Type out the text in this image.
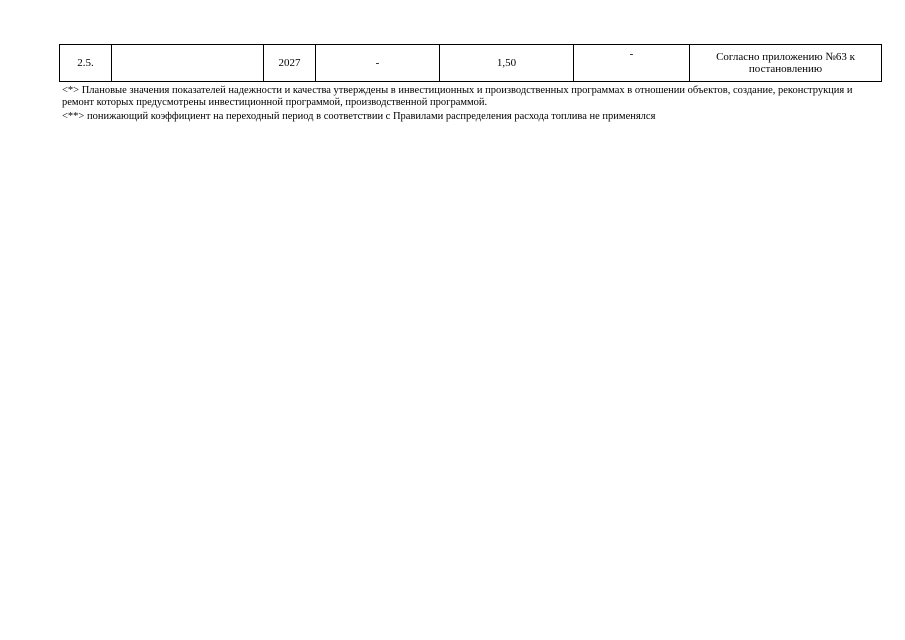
2.5.		2027	-	1,50	-	Согласно приложению №63 к постановлению

<*> Плановые значения показателей надежности и качества утверждены в инвестиционных и производственных программах в отношении объектов, создание, реконструкция и ремонт которых предусмотрены инвестиционной программой, производственной программой.

<**> понижающий коэффициент на переходный период в соответствии с Правилами распределения расхода топлива не применялся
